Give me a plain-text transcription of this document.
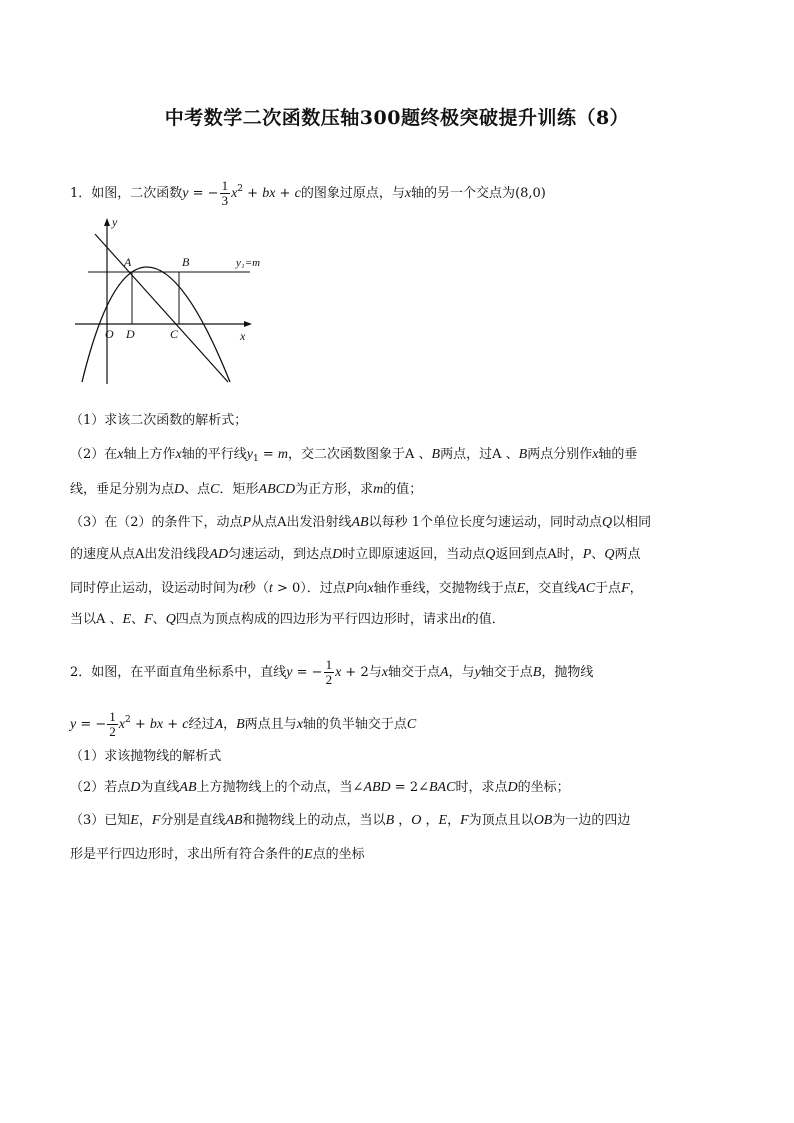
中考数学二次函数压轴300题终极突破提升训练（8）
1．如图，二次函数y = − $\frac{1}{3} x^2$ + bx + c的图象过原点，与x轴的另一个交点为(8,0)
y
x
A	B
O D	C
y₁=m
（1）求该二次函数的解析式；
（2）在x轴上方作x轴的平行线$y_1 = m$，交二次函数图象于A 、B两点，过A 、B两点分别作x轴的垂
线，垂足分别为点D、点C．矩形ABCD为正方形，求m的值；
（3）在（2）的条件下，动点P从点A出发沿射线AB以每秒 1个单位长度匀速运动，同时动点Q以相同
的速度从点A出发沿线段AD匀速运动，到达点D时立即原速返回，当动点Q返回到点A时，P、Q两点
同时停止运动，设运动时间为t秒（t > 0）．过点P向x轴作垂线，交抛物线于点E，交直线AC于点F，
当以A 、E、F、Q四点为顶点构成的四边形为平行四边形时，请求出t的值．
2．如图，在平面直角坐标系中，直线y = − $\frac{1}{2}$ x + 2与x轴交于点A，与y轴交于点B，抛物线
y = − $\frac{1}{2} x^2$ + bx + c经过A，B两点且与x轴的负半轴交于点C
（1）求该抛物线的解析式
（2）若点D为直线AB上方抛物线上的个动点，当∠ABD = 2∠BAC时，求点D的坐标；
（3）已知E，F分别是直线AB和抛物线上的动点，当以B ，O ，E，F为顶点且以OB为一边的四边
形是平行四边形时，求出所有符合条件的E点的坐标
